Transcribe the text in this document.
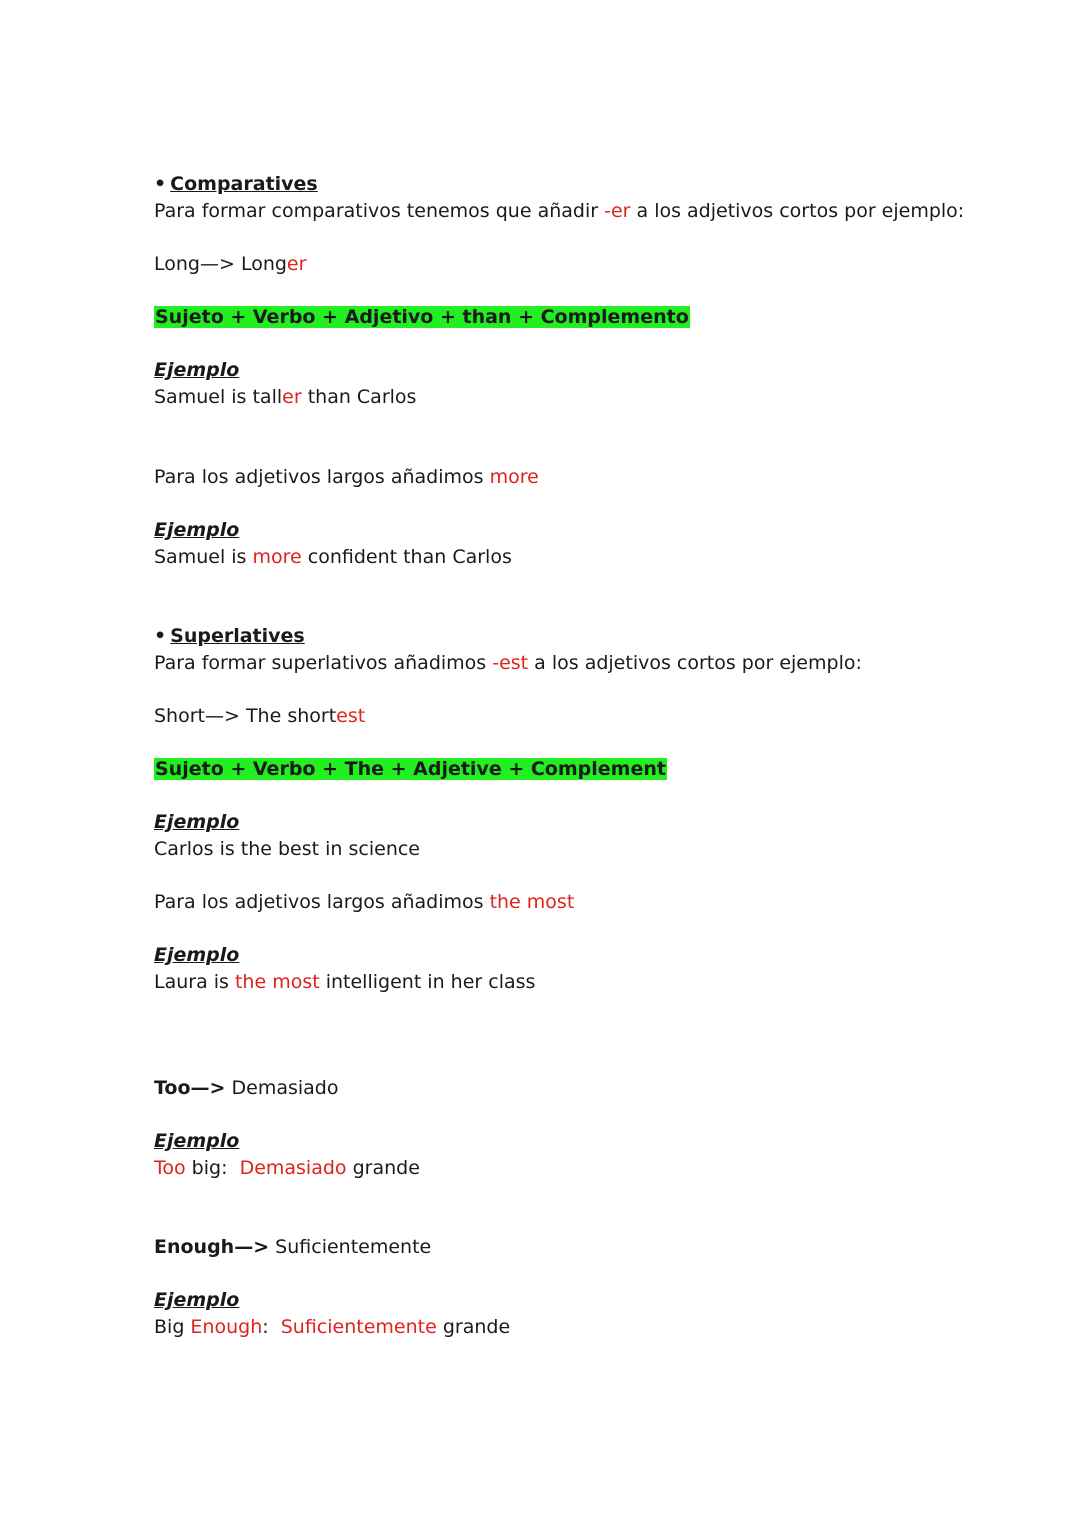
• Comparatives

Para formar comparativos tenemos que añadir -er a los adjetivos cortos por ejemplo:

Long—> Longer

Sujeto + Verbo + Adjetivo + than + Complemento

Ejemplo

Samuel is taller than Carlos

Para los adjetivos largos añadimos more

Ejemplo

Samuel is more confident than Carlos

• Superlatives

Para formar superlativos añadimos -est a los adjetivos cortos por ejemplo:

Short—> The shortest

Sujeto + Verbo + The + Adjetive + Complement

Ejemplo

Carlos is the best in science

Para los adjetivos largos añadimos the most

Ejemplo

Laura is the most intelligent in her class

Too—> Demasiado

Ejemplo

Too big:  Demasiado grande

Enough—> Suficientemente

Ejemplo

Big Enough:  Suficientemente grande
